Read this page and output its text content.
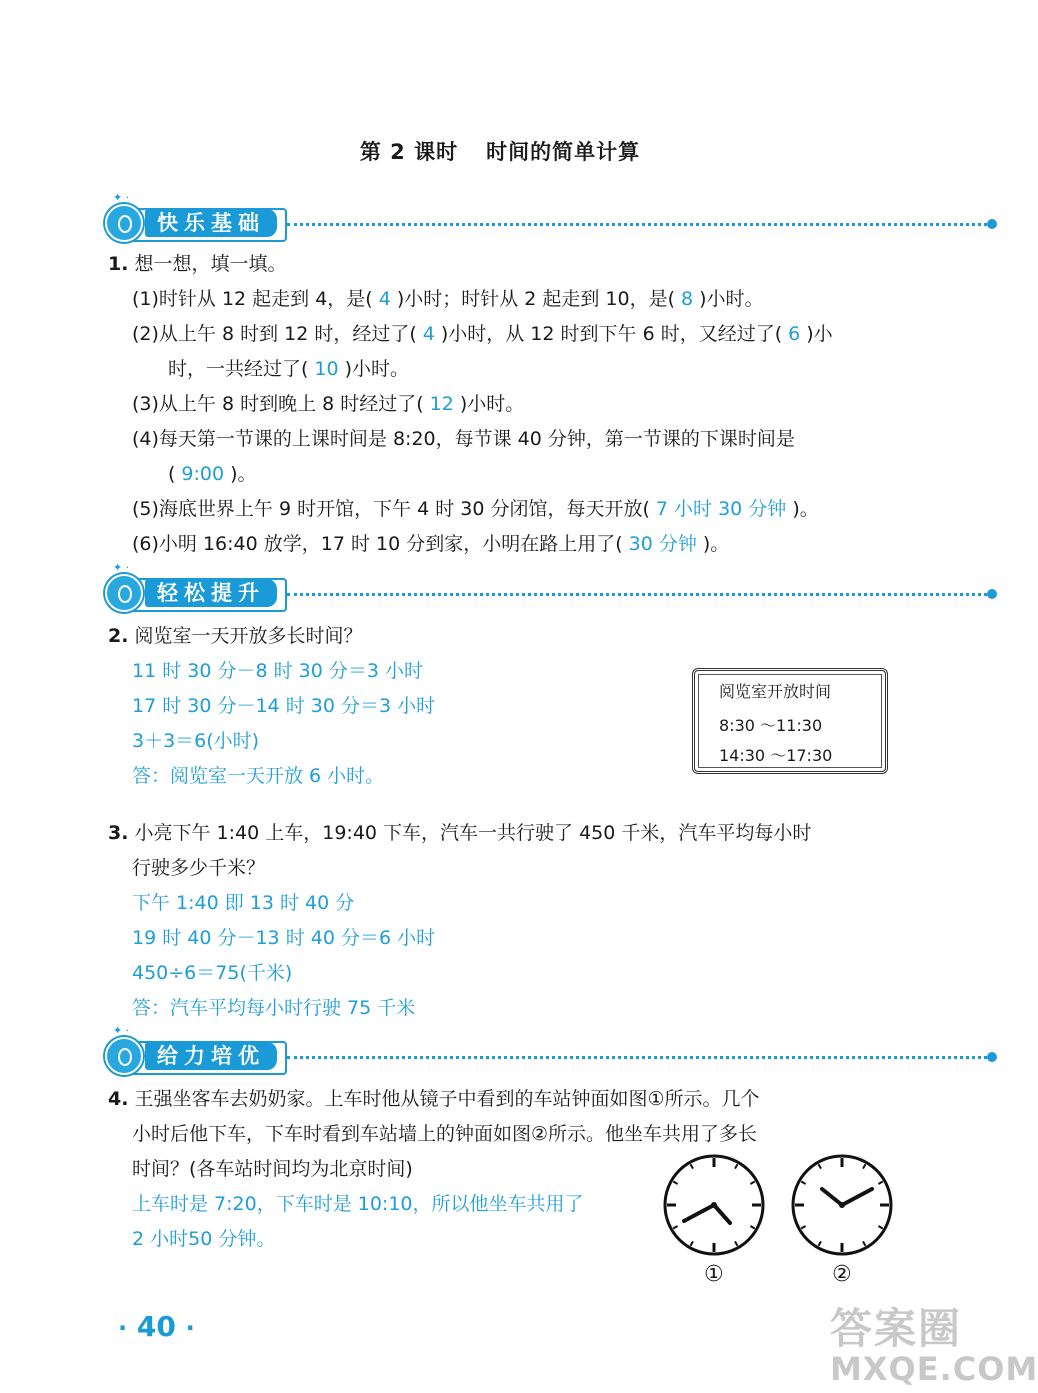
第 2 课时 时间的简单计算
✦ ·
快乐基础
1. 想一想，填一填。
(1)时针从 12 起走到 4，是( 4 )小时；时针从 2 起走到 10，是( 8 )小时。
(2)从上午 8 时到 12 时，经过了( 4 )小时，从 12 时到下午 6 时，又经过了( 6 )小
时，一共经过了( 10 )小时。
(3)从上午 8 时到晚上 8 时经过了( 12 )小时。
(4)每天第一节课的上课时间是 8:20，每节课 40 分钟，第一节课的下课时间是
( 9:00 )。
(5)海底世界上午 9 时开馆，下午 4 时 30 分闭馆，每天开放( 7 小时 30 分钟 )。
(6)小明 16:40 放学，17 时 10 分到家，小明在路上用了( 30 分钟 )。
✦ ·
轻松提升
2. 阅览室一天开放多长时间？
11 时 30 分－8 时 30 分＝3 小时
17 时 30 分－14 时 30 分＝3 小时
3＋3＝6(小时)
答：阅览室一天开放 6 小时。
阅览室开放时间
8:30 ～11:30
14:30 ～17:30
3. 小亮下午 1:40 上车，19:40 下车，汽车一共行驶了 450 千米，汽车平均每小时
行驶多少千米？
下午 1:40 即 13 时 40 分
19 时 40 分－13 时 40 分＝6 小时
450÷6＝75(千米)
答：汽车平均每小时行驶 75 千米
✦ ·
给力培优
4. 王强坐客车去奶奶家。上车时他从镜子中看到的车站钟面如图①所示。几个
小时后他下车，下车时看到车站墙上的钟面如图②所示。他坐车共用了多长
时间？(各车站时间均为北京时间)
上车时是 7:20，下车时是 10:10，所以他坐车共用了
2 小时50 分钟。
①	②
· 40 ·	答案圈
MXQE.COM
